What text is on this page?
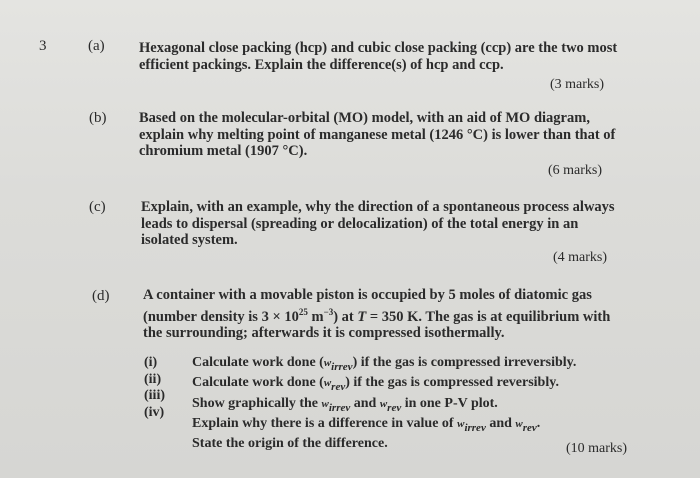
3	(a) Hexagonal close packing (hcp) and cubic close packing (ccp) are the two most
efficient packings. Explain the difference(s) of hcp and ccp.
(3 marks)
(b) Based on the molecular-orbital (MO) model, with an aid of MO diagram,
explain why melting point of manganese metal (1246 °C) is lower than that of
chromium metal (1907 °C).
(6 marks)
(c) Explain, with an example, why the direction of a spontaneous process always
leads to dispersal (spreading or delocalization) of the total energy in an
isolated system.
(4 marks)
(d) A container with a movable piston is occupied by 5 moles of diatomic gas
(number density is $3 \times 10^{25}$ $m^{-3}$) at T = 350 K. The gas is at equilibrium with
the surrounding; afterwards it is compressed isothermally.
(i)
(ii)
(iii)
(iv)
Calculate work done $(w_{irrev})$ if the gas is compressed irreversibly.
Calculate work done $(w_{rev})$ if the gas is compressed reversibly.
Show graphically the $w_{irrev}$ and $w_{rev}$ in one P-V plot.
Explain why there is a difference in value of $w_{irrev}$ and $w_{rev}$.
State the origin of the difference.	(10 marks)
